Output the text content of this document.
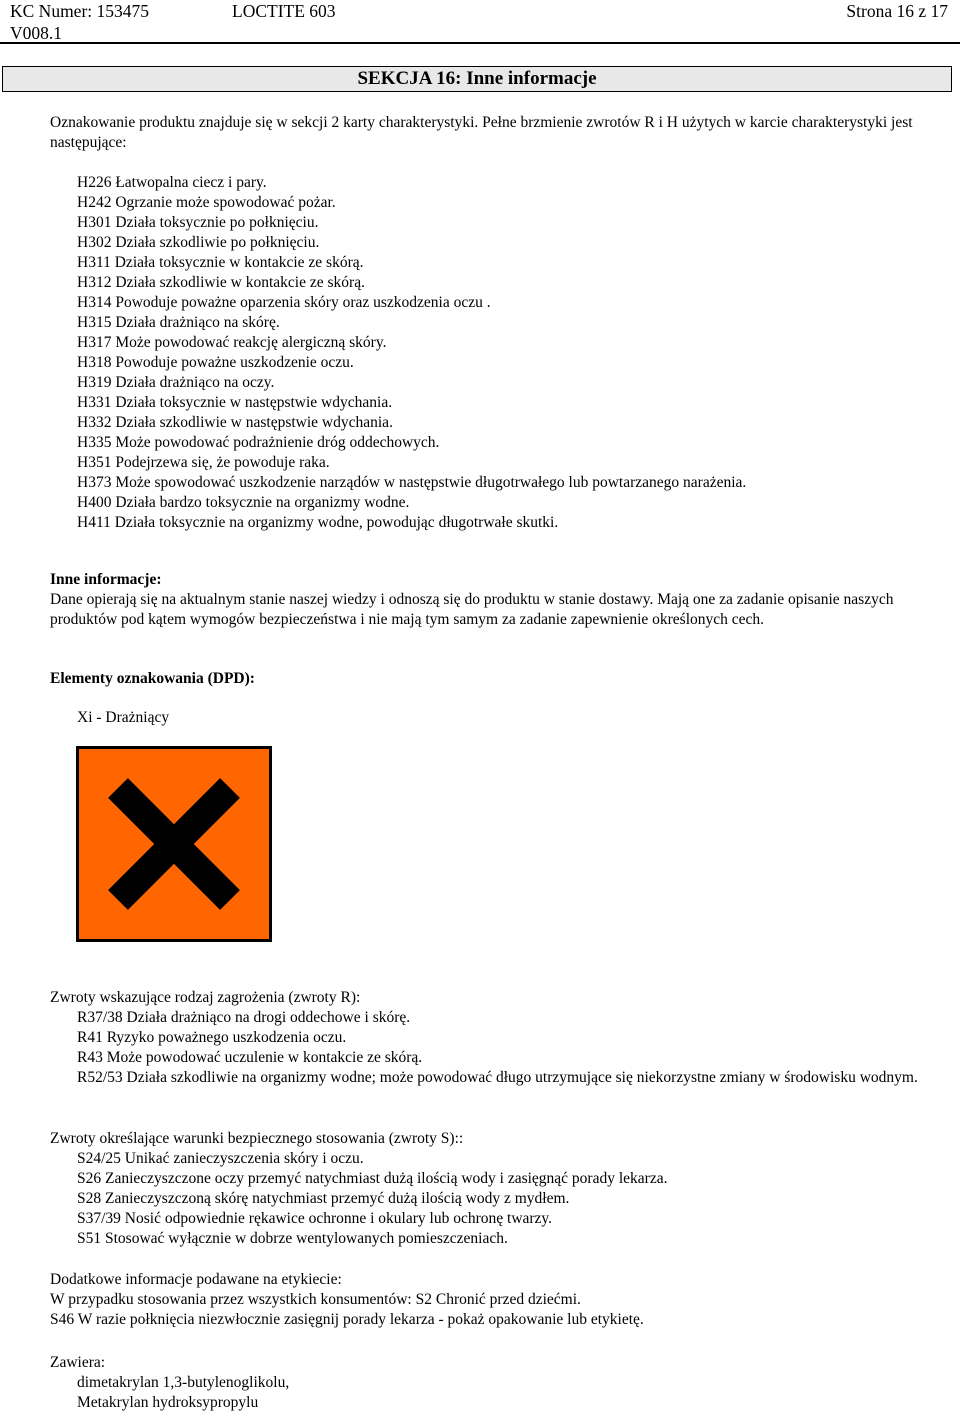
KC Numer: 153475	LOCTITE 603	Strona 16 z 17
V008.1
SEKCJA 16: Inne informacje
Oznakowanie produktu znajduje się w sekcji 2 karty charakterystyki. Pełne brzmienie zwrotów R i H użytych w karcie charakterystyki jest następujące:
H226 Łatwopalna ciecz i pary.
H242 Ogrzanie może spowodować pożar.
H301 Działa toksycznie po połknięciu.
H302 Działa szkodliwie po połknięciu.
H311 Działa toksycznie w kontakcie ze skórą.
H312 Działa szkodliwie w kontakcie ze skórą.
H314 Powoduje poważne oparzenia skóry oraz uszkodzenia oczu .
H315 Działa drażniąco na skórę.
H317 Może powodować reakcję alergiczną skóry.
H318 Powoduje poważne uszkodzenie oczu.
H319 Działa drażniąco na oczy.
H331 Działa toksycznie w następstwie wdychania.
H332 Działa szkodliwie w następstwie wdychania.
H335 Może powodować podrażnienie dróg oddechowych.
H351 Podejrzewa się, że powoduje raka.
H373 Może spowodować uszkodzenie narządów w następstwie długotrwałego lub powtarzanego narażenia.
H400 Działa bardzo toksycznie na organizmy wodne.
H411 Działa toksycznie na organizmy wodne, powodując długotrwałe skutki.
Inne informacje:
Dane opierają się na aktualnym stanie naszej wiedzy i odnoszą się do produktu w stanie dostawy. Mają one za zadanie opisanie naszych produktów pod kątem wymogów bezpieczeństwa i nie mają tym samym za zadanie zapewnienie określonych cech.
Elementy oznakowania (DPD):
Xi - Drażniący
Zwroty wskazujące rodzaj zagrożenia (zwroty R):
R37/38 Działa drażniąco na drogi oddechowe i skórę.
R41 Ryzyko poważnego uszkodzenia oczu.
R43 Może powodować uczulenie w kontakcie ze skórą.
R52/53 Działa szkodliwie na organizmy wodne; może powodować długo utrzymujące się niekorzystne zmiany w środowisku wodnym.
Zwroty określające warunki bezpiecznego stosowania (zwroty S)::
S24/25 Unikać zanieczyszczenia skóry i oczu.
S26 Zanieczyszczone oczy przemyć natychmiast dużą ilością wody i zasięgnąć porady lekarza.
S28 Zanieczyszczoną skórę natychmiast przemyć dużą ilością wody z mydłem.
S37/39 Nosić odpowiednie rękawice ochronne i okulary lub ochronę twarzy.
S51 Stosować wyłącznie w dobrze wentylowanych pomieszczeniach.
Dodatkowe informacje podawane na etykiecie:
W przypadku stosowania przez wszystkich konsumentów: S2 Chronić przed dziećmi.
S46 W razie połknięcia niezwłocznie zasięgnij porady lekarza - pokaż opakowanie lub etykietę.
Zawiera:
dimetakrylan 1,3-butylenoglikolu,
Metakrylan hydroksypropylu
